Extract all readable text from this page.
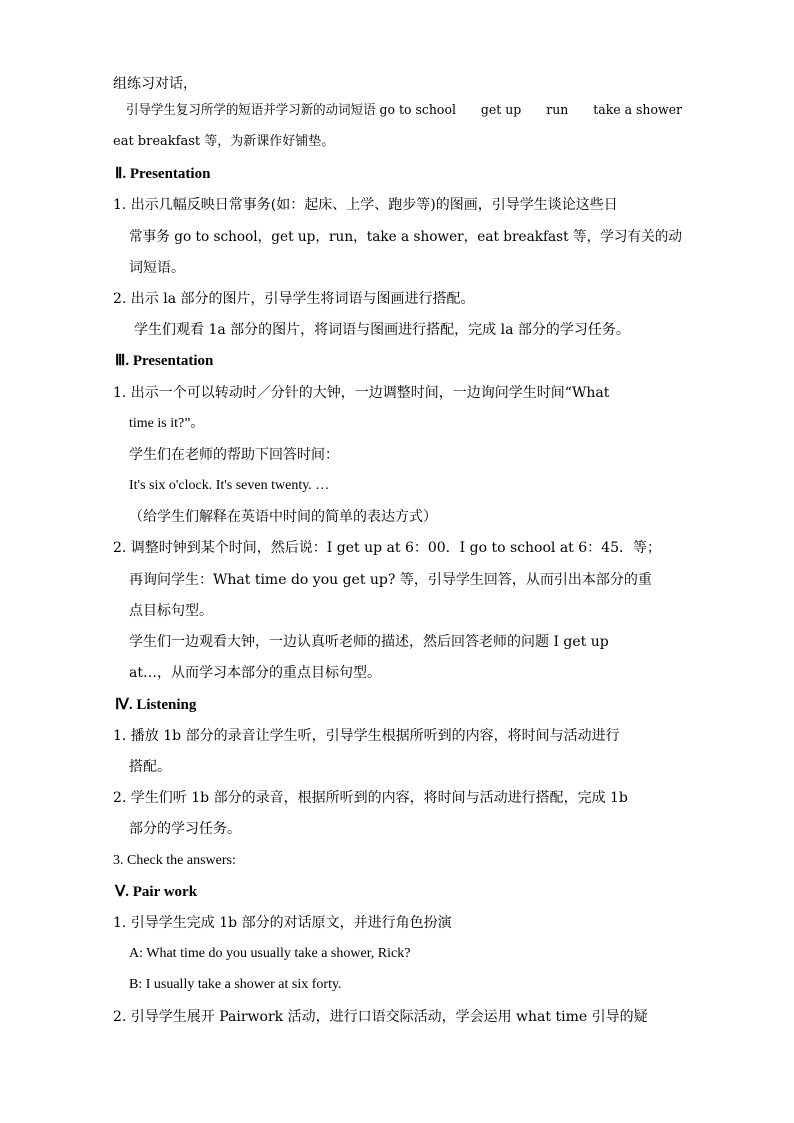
组练习对话，
引导学生复习所学的短语并学习新的动词短语 go to school　　get up　　run　　take a shower
eat breakfast 等，为新课作好铺垫。
Ⅱ. Presentation
1. 出示几幅反映日常事务(如：起床、上学、跑步等)的图画，引导学生谈论这些日
常事务 go to school，get up，run，take a shower，eat breakfast 等，学习有关的动
词短语。
2. 出示 la 部分的图片，引导学生将词语与图画进行搭配。
学生们观看 1a 部分的图片，将词语与图画进行搭配，完成 la 部分的学习任务。
Ⅲ. Presentation
1. 出示一个可以转动时／分针的大钟，一边调整时间，一边询问学生时间“What
time is it?”。
学生们在老师的帮助下回答时间：
It's six o'clock. It's seven twenty. …
（给学生们解释在英语中时间的简单的表达方式）
2. 调整时钟到某个时间，然后说：I get up at 6：00．I go to school at 6：45．等；
再询问学生：What time do you get up? 等，引导学生回答，从而引出本部分的重
点目标句型。
学生们一边观看大钟，一边认真听老师的描述，然后回答老师的问题 I get up
at…，从而学习本部分的重点目标句型。
Ⅳ. Listening
1. 播放 1b 部分的录音让学生听，引导学生根据所听到的内容，将时间与活动进行
搭配。
2. 学生们听 1b 部分的录音，根据所听到的内容，将时间与活动进行搭配，完成 1b
部分的学习任务。
3. Check the answers:
Ⅴ. Pair work
1. 引导学生完成 1b 部分的对话原文，并进行角色扮演
A: What time do you usually take a shower, Rick?
B: I usually take a shower at six forty.
2. 引导学生展开 Pairwork 活动，进行口语交际活动，学会运用 what time 引导的疑
